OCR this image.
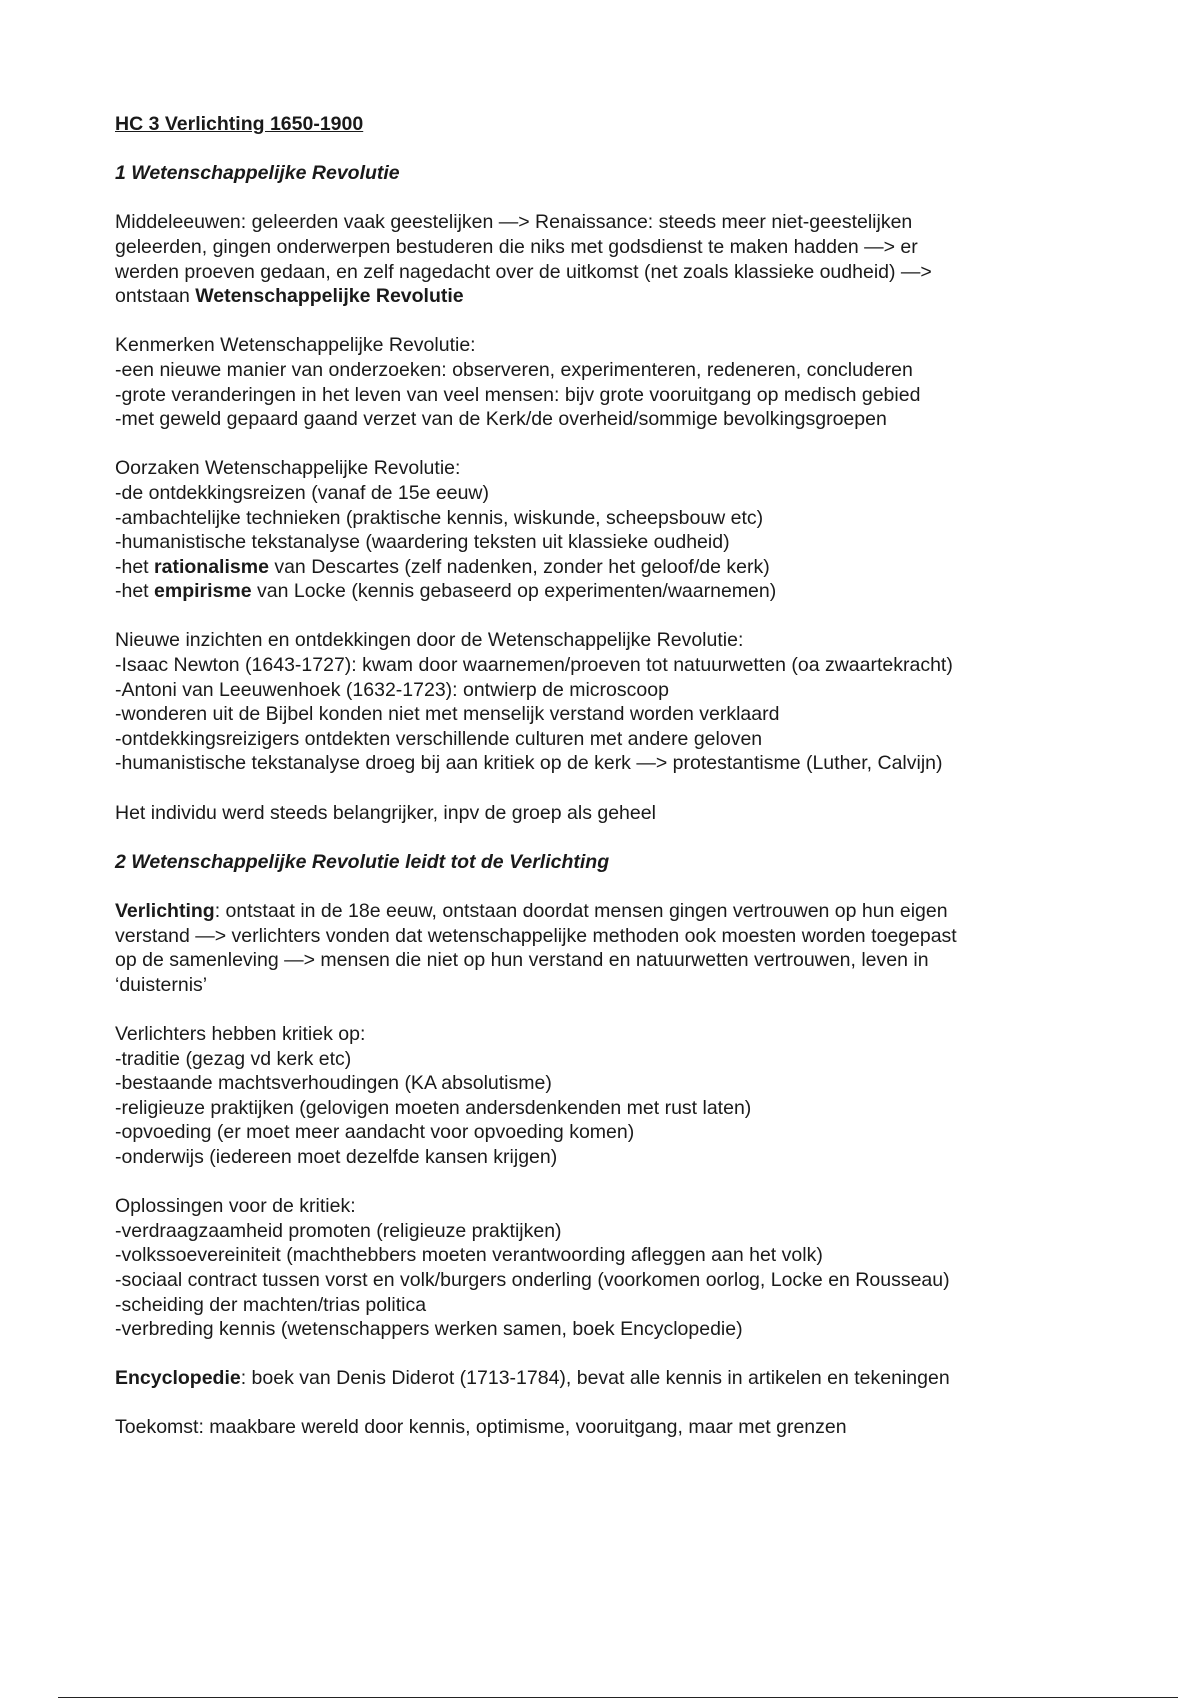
HC 3 Verlichting 1650-1900
1 Wetenschappelijke Revolutie
Middeleeuwen: geleerden vaak geestelijken —> Renaissance: steeds meer niet-geestelijken
geleerden, gingen onderwerpen bestuderen die niks met godsdienst te maken hadden —> er
werden proeven gedaan, en zelf nagedacht over de uitkomst (net zoals klassieke oudheid) —>
ontstaan Wetenschappelijke Revolutie
Kenmerken Wetenschappelijke Revolutie:
-een nieuwe manier van onderzoeken: observeren, experimenteren, redeneren, concluderen
-grote veranderingen in het leven van veel mensen: bijv grote vooruitgang op medisch gebied
-met geweld gepaard gaand verzet van de Kerk/de overheid/sommige bevolkingsgroepen
Oorzaken Wetenschappelijke Revolutie:
-de ontdekkingsreizen (vanaf de 15e eeuw)
-ambachtelijke technieken (praktische kennis, wiskunde, scheepsbouw etc)
-humanistische tekstanalyse (waardering teksten uit klassieke oudheid)
-het rationalisme van Descartes (zelf nadenken, zonder het geloof/de kerk)
-het empirisme van Locke (kennis gebaseerd op experimenten/waarnemen)
Nieuwe inzichten en ontdekkingen door de Wetenschappelijke Revolutie:
-Isaac Newton (1643-1727): kwam door waarnemen/proeven tot natuurwetten (oa zwaartekracht)
-Antoni van Leeuwenhoek (1632-1723): ontwierp de microscoop
-wonderen uit de Bijbel konden niet met menselijk verstand worden verklaard
-ontdekkingsreizigers ontdekten verschillende culturen met andere geloven
-humanistische tekstanalyse droeg bij aan kritiek op de kerk —> protestantisme (Luther, Calvijn)

Het individu werd steeds belangrijker, inpv de groep als geheel

2 Wetenschappelijke Revolutie leidt tot de Verlichting
Verlichting: ontstaat in de 18e eeuw, ontstaan doordat mensen gingen vertrouwen op hun eigen
verstand —> verlichters vonden dat wetenschappelijke methoden ook moesten worden toegepast
op de samenleving —> mensen die niet op hun verstand en natuurwetten vertrouwen, leven in
‘duisternis’
Verlichters hebben kritiek op:
-traditie (gezag vd kerk etc)
-bestaande machtsverhoudingen (KA absolutisme)
-religieuze praktijken (gelovigen moeten andersdenkenden met rust laten)
-opvoeding (er moet meer aandacht voor opvoeding komen)
-onderwijs (iedereen moet dezelfde kansen krijgen)
Oplossingen voor de kritiek:
-verdraagzaamheid promoten (religieuze praktijken)
-volkssoevereiniteit (machthebbers moeten verantwoording afleggen aan het volk)
-sociaal contract tussen vorst en volk/burgers onderling (voorkomen oorlog, Locke en Rousseau)
-scheiding der machten/trias politica
-verbreding kennis (wetenschappers werken samen, boek Encyclopedie)

Encyclopedie: boek van Denis Diderot (1713-1784), bevat alle kennis in artikelen en tekeningen

Toekomst: maakbare wereld door kennis, optimisme, vooruitgang, maar met grenzen
